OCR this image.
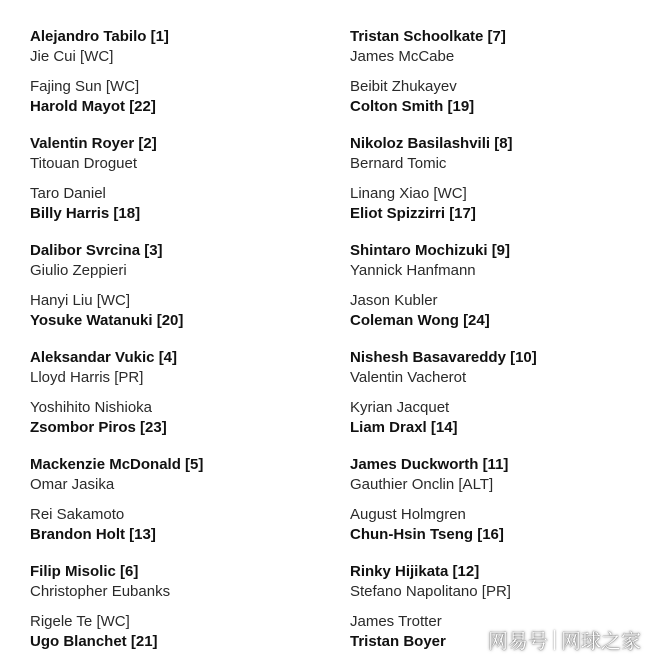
Alejandro Tabilo [1]
Jie Cui [WC]
Fajing Sun [WC]
Harold Mayot [22]
Valentin Royer [2]
Titouan Droguet
Taro Daniel
Billy Harris [18]
Dalibor Svrcina [3]
Giulio Zeppieri
Hanyi Liu [WC]
Yosuke Watanuki [20]
Aleksandar Vukic [4]
Lloyd Harris [PR]
Yoshihito Nishioka
Zsombor Piros [23]
Mackenzie McDonald [5]
Omar Jasika
Rei Sakamoto
Brandon Holt [13]
Filip Misolic [6]
Christopher Eubanks
Rigele Te [WC]
Ugo Blanchet [21]
Tristan Schoolkate [7]
James McCabe
Beibit Zhukayev
Colton Smith [19]
Nikoloz Basilashvili [8]
Bernard Tomic
Linang Xiao [WC]
Eliot Spizzirri [17]
Shintaro Mochizuki [9]
Yannick Hanfmann
Jason Kubler
Coleman Wong [24]
Nishesh Basavareddy [10]
Valentin Vacherot
Kyrian Jacquet
Liam Draxl [14]
James Duckworth [11]
Gauthier Onclin [ALT]
August Holmgren
Chun-Hsin Tseng [16]
Rinky Hijikata [12]
Stefano Napolitano [PR]
James Trotter
Tristan Boyer	网易号 网球之家
